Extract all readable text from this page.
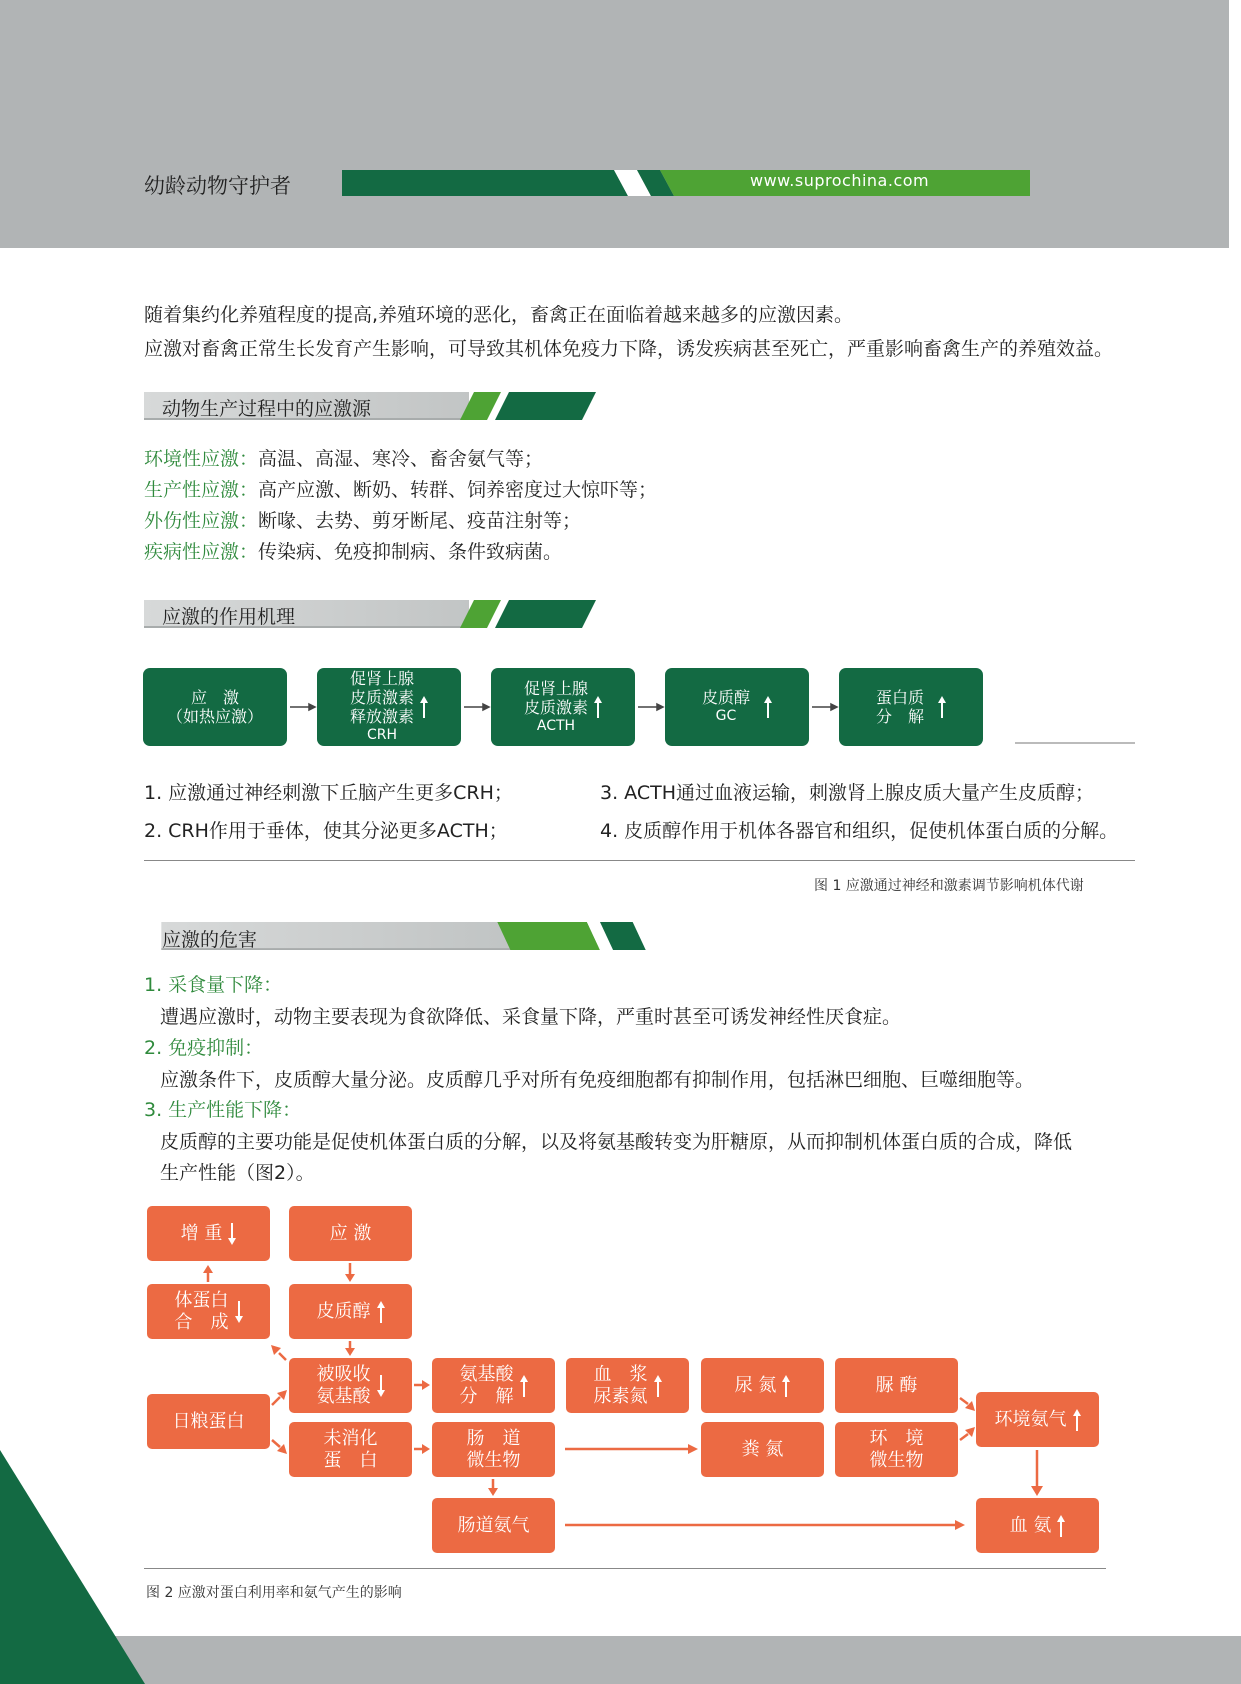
幼龄动物守护者	www.suprochina.com
随着集约化养殖程度的提高,养殖环境的恶化，畜禽正在面临着越来越多的应激因素。
应激对畜禽正常生长发育产生影响，可导致其机体免疫力下降，诱发疾病甚至死亡，严重影响畜禽生产的养殖效益。
动物生产过程中的应激源
环境性应激：高温、高湿、寒冷、畜舍氨气等；
生产性应激：高产应激、断奶、转群、饲养密度过大惊吓等；
外伤性应激：断喙、去势、剪牙断尾、疫苗注射等；
疾病性应激：传染病、免疫抑制病、条件致病菌。
应激的作用机理
应　激
（如热应激）
促肾上腺
皮质激素
释放激素
CRH
促肾上腺
皮质激素
ACTH
皮质醇
GC
蛋白质
分　解
1. 应激通过神经刺激下丘脑产生更多CRH；
2. CRH作用于垂体，使其分泌更多ACTH；
3. ACTH通过血液运输，刺激肾上腺皮质大量产生皮质醇；
4. 皮质醇作用于机体各器官和组织，促使机体蛋白质的分解。
图 1 应激通过神经和激素调节影响机体代谢
应激的危害
1. 采食量下降：
遭遇应激时，动物主要表现为食欲降低、采食量下降，严重时甚至可诱发神经性厌食症。
2. 免疫抑制：
应激条件下，皮质醇大量分泌。皮质醇几乎对所有免疫细胞都有抑制作用，包括淋巴细胞、巨噬细胞等。
3. 生产性能下降：
皮质醇的主要功能是促使机体蛋白质的分解，以及将氨基酸转变为肝糖原，从而抑制机体蛋白质的合成，降低
生产性能（图2）。
增 重	应 激
体蛋白
合　成
皮质醇
日粮蛋白
被吸收
氨基酸
未消化
蛋　白
氨基酸
分　解
肠　道
微生物
肠道氨气
血　浆
尿素氮
尿 氮
粪 氮
脲 酶
环　境
微生物
环境氨气
血 氨
图 2 应激对蛋白利用率和氨气产生的影响
